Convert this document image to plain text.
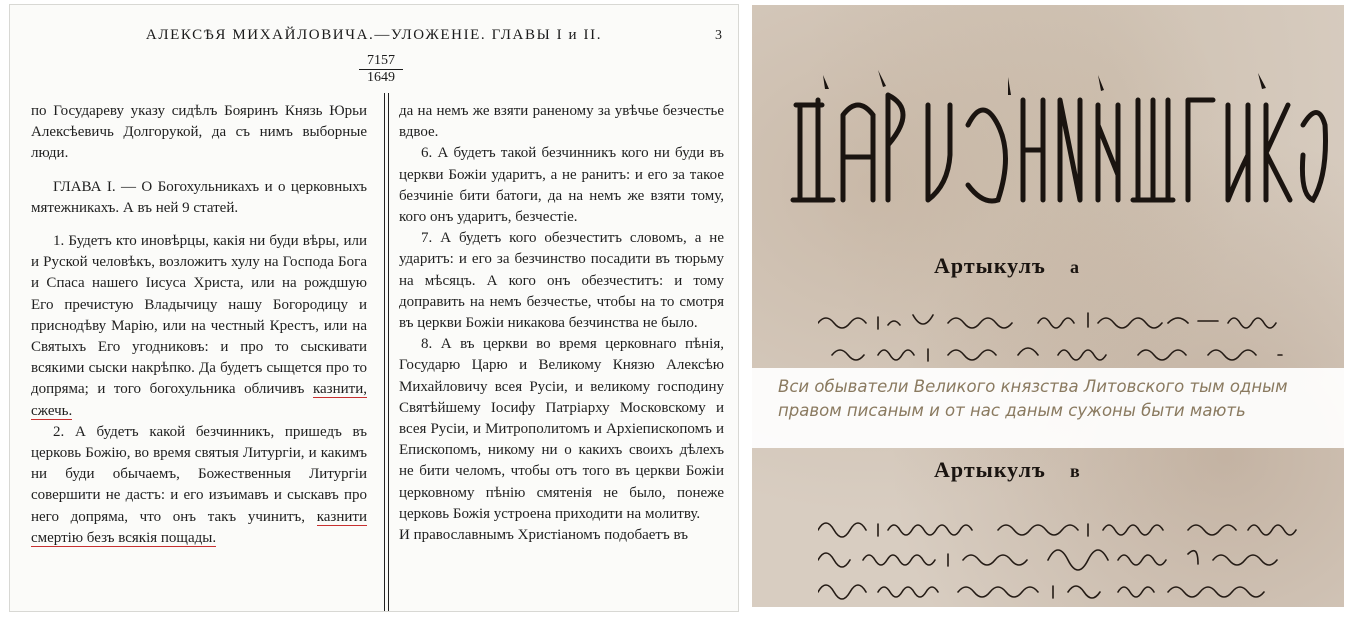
АЛЕКСѢЯ МИХАЙЛОВИЧА.—УЛОЖЕНІЕ. ГЛАВЫ I и II.	3
7157
1649

по Государеву указу сидѣлъ Бояринъ Князь Юрьи Алексѣевичь Долгорукой, да съ нимъ выборные люди.

ГЛАВА I. — О Богохульникахъ и о церковныхъ мятежникахъ. А въ ней 9 статей.

1. Будетъ кто иновѣрцы, какія ни буди вѣры, или и Руской человѣкъ, возложитъ хулу на Господа Бога и Спаса нашего Іисуса Христа, или на рождшую Его пречистую Владычицу нашу Богородицу и приснодѣву Марію, или на честный Крестъ, или на Святыхъ Его угодниковъ: и про то сыскивати всякими сыски накрѣпко. Да будетъ сыщется про то допряма; и того богохульника обличивъ казнити, сжечь.

2. А будетъ какой безчинникъ, пришедъ въ церковь Божію, во время святыя Литургіи, и какимъ ни буди обычаемъ, Божественныя Литургіи совершити не дастъ: и его изъимавъ и сыскавъ про него допряма, что онъ такъ учинитъ, казнити смертію безъ всякія пощады.

да на немъ же взяти раненому за увѣчье безчестье вдвое.

6. А будетъ такой безчинникъ кого ни буди въ церкви Божіи ударитъ, а не ранитъ: и его за такое безчиніе бити батоги, да на немъ же взяти тому, кого онъ ударитъ, безчестіе.

7. А будетъ кого обезчеститъ словомъ, а не ударитъ: и его за безчинство посадити въ тюрьму на мѣсяцъ. А кого онъ обезчеститъ: и тому доправить на немъ безчестье, чтобы на то смотря въ церкви Божіи никакова безчинства не было.

8. А въ церкви во время церковнаго пѣнія, Государю Царю и Великому Князю Алексѣю Михайловичу всея Русіи, и великому господину Святѣйшему Іосифу Патріарху Московскому и всея Русіи, и Митрополитомъ и Архіепископомъ и Епископомъ, никому ни о какихъ своихъ дѣлехъ не бити челомъ, чтобы отъ того въ церкви Божіи церковному пѣнію смятенія не было, понеже церковь Божія устроена приходити на молитву.

И православнымъ Христіаномъ подобаетъ въ

Артыкулъ а
Вси обыватели Великого князства Литовского тым одным правом писаным и от нас даным сужоны быти мають
Артыкулъ в
